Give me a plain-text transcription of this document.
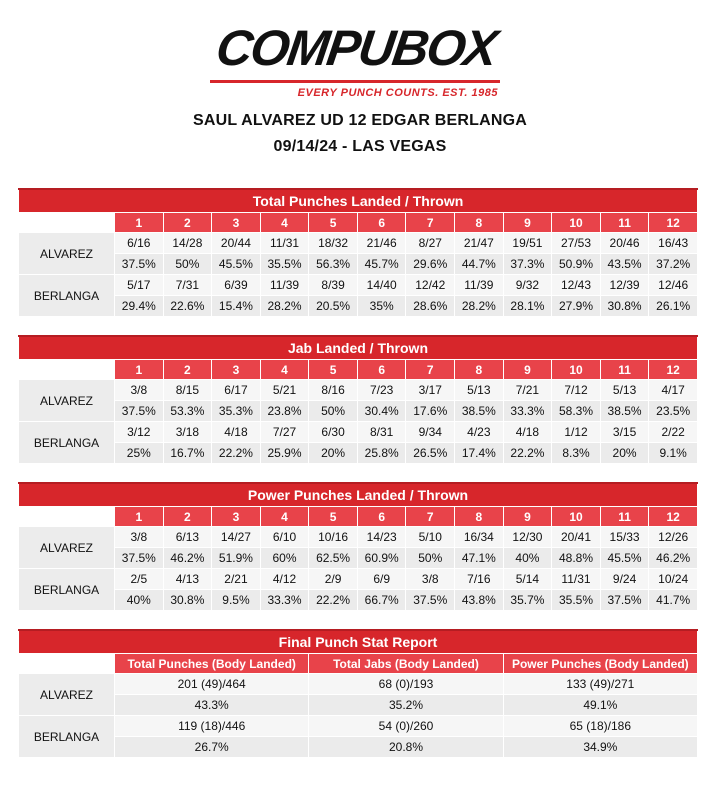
COMPUBOX
EVERY PUNCH COUNTS. EST. 1985
SAUL ALVAREZ UD 12 EDGAR BERLANGA
09/14/24 - LAS VEGAS
Total Punches Landed / Thrown												
	1	2	3	4	5	6	7	8	9	10	11	12
ALVAREZ	6/16	14/28	20/44	11/31	18/32	21/46	8/27	21/47	19/51	27/53	20/46	16/43
	37.5%	50%	45.5%	35.5%	56.3%	45.7%	29.6%	44.7%	37.3%	50.9%	43.5%	37.2%
BERLANGA	5/17	7/31	6/39	11/39	8/39	14/40	12/42	11/39	9/32	12/43	12/39	12/46
	29.4%	22.6%	15.4%	28.2%	20.5%	35%	28.6%	28.2%	28.1%	27.9%	30.8%	26.1%
Jab Landed / Thrown												
	1	2	3	4	5	6	7	8	9	10	11	12
ALVAREZ	3/8	8/15	6/17	5/21	8/16	7/23	3/17	5/13	7/21	7/12	5/13	4/17
	37.5%	53.3%	35.3%	23.8%	50%	30.4%	17.6%	38.5%	33.3%	58.3%	38.5%	23.5%
BERLANGA	3/12	3/18	4/18	7/27	6/30	8/31	9/34	4/23	4/18	1/12	3/15	2/22
	25%	16.7%	22.2%	25.9%	20%	25.8%	26.5%	17.4%	22.2%	8.3%	20%	9.1%
Power Punches Landed / Thrown												
	1	2	3	4	5	6	7	8	9	10	11	12
ALVAREZ	3/8	6/13	14/27	6/10	10/16	14/23	5/10	16/34	12/30	20/41	15/33	12/26
	37.5%	46.2%	51.9%	60%	62.5%	60.9%	50%	47.1%	40%	48.8%	45.5%	46.2%
BERLANGA	2/5	4/13	2/21	4/12	2/9	6/9	3/8	7/16	5/14	11/31	9/24	10/24
	40%	30.8%	9.5%	33.3%	22.2%	66.7%	37.5%	43.8%	35.7%	35.5%	37.5%	41.7%
Final Punch Stat Report			
	Total Punches (Body Landed)	Total Jabs (Body Landed)	Power Punches (Body Landed)
ALVAREZ	201 (49)/464	68 (0)/193	133 (49)/271
	43.3%	35.2%	49.1%
BERLANGA	119 (18)/446	54 (0)/260	65 (18)/186
	26.7%	20.8%	34.9%
